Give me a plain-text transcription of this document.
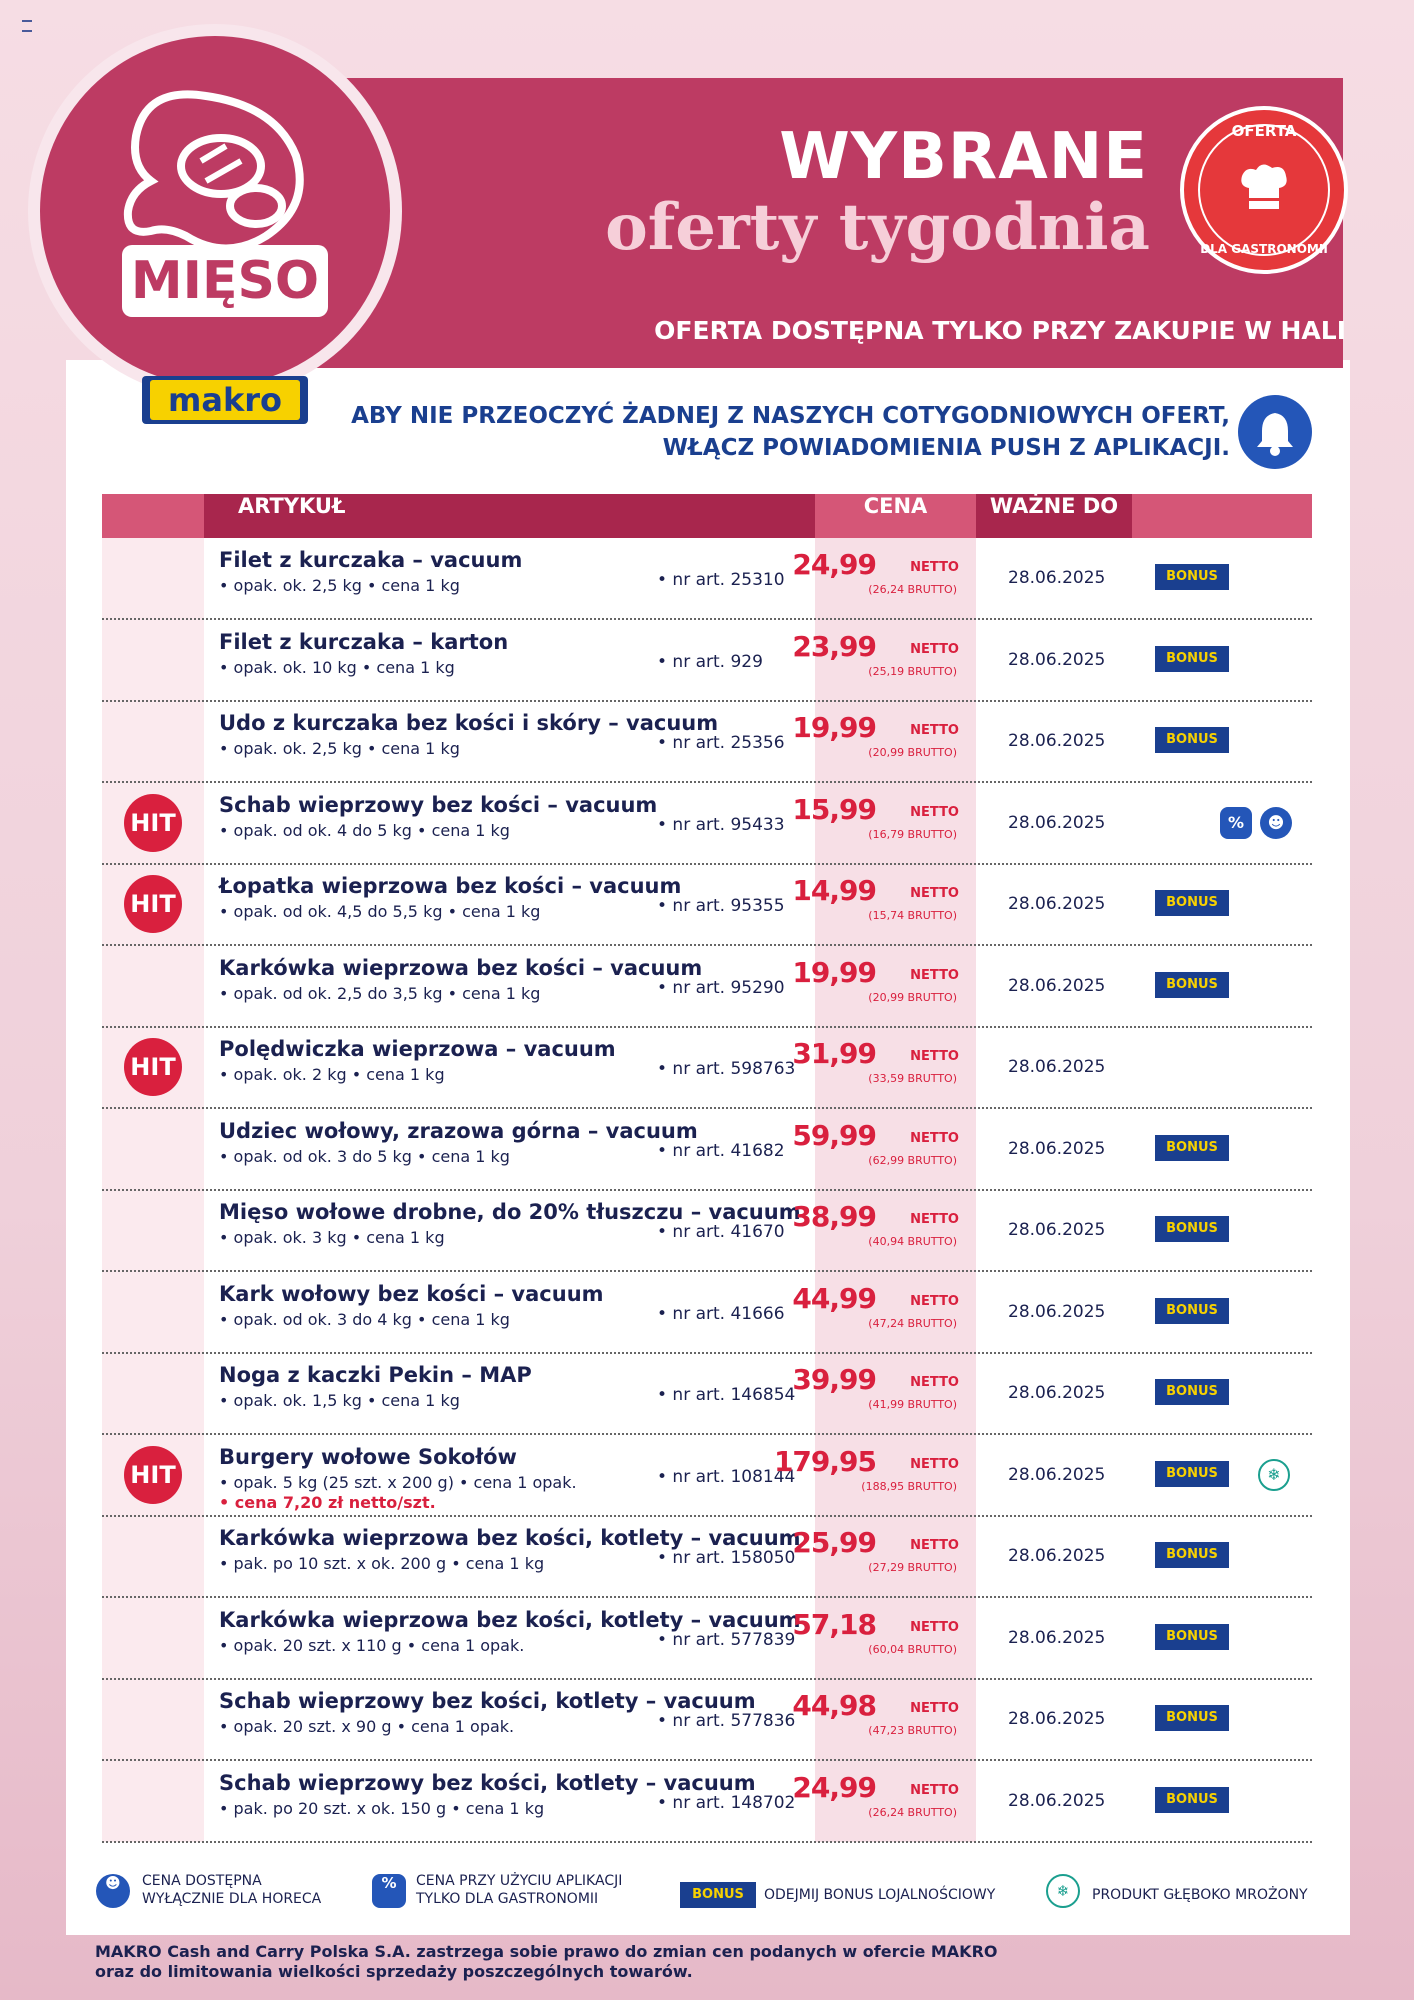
MIĘSO
makro
WYBRANE
oferty tygodnia
OFERTA DOSTĘPNA TYLKO PRZY ZAKUPIE W HALI
OFERTA
DLA GASTRONOMII
ABY NIE PRZEOCZYĆ ŻADNEJ Z NASZYCH COTYGODNIOWYCH OFERT,
WŁĄCZ POWIADOMIENIA PUSH Z APLIKACJI.
ARTYKUŁ	CENA	WAŻNE DO
Filet z kurczaka – vacuum
• opak. ok. 2,5 kg • cena 1 kg	• nr art. 25310 24,99	NETTO
(26,24 BRUTTO)
28.06.2025	BONUS
Filet z kurczaka – karton
• opak. ok. 10 kg • cena 1 kg	• nr art. 929 23,99	NETTO
(25,19 BRUTTO)
28.06.2025	BONUS
Udo z kurczaka bez kości i skóry – vacuum
• opak. ok. 2,5 kg • cena 1 kg	• nr art. 25356 19,99	NETTO
(20,99 BRUTTO)
28.06.2025	BONUS
HIT
Schab wieprzowy bez kości – vacuum
• opak. od ok. 4 do 5 kg • cena 1 kg	• nr art. 95433 15,99	NETTO
(16,79 BRUTTO)
28.06.2025	%	☻
HIT
Łopatka wieprzowa bez kości – vacuum
• opak. od ok. 4,5 do 5,5 kg • cena 1 kg	• nr art. 95355 14,99	NETTO
(15,74 BRUTTO)
28.06.2025	BONUS
Karkówka wieprzowa bez kości – vacuum
• opak. od ok. 2,5 do 3,5 kg • cena 1 kg	• nr art. 95290 19,99	NETTO
(20,99 BRUTTO)
28.06.2025	BONUS
HIT
Polędwiczka wieprzowa – vacuum
• opak. ok. 2 kg • cena 1 kg	• nr art. 598763
31,99	NETTO
(33,59 BRUTTO)
28.06.2025
Udziec wołowy, zrazowa górna – vacuum
• opak. od ok. 3 do 5 kg • cena 1 kg	• nr art. 41682 59,99	NETTO
(62,99 BRUTTO)
28.06.2025	BONUS
Mięso wołowe drobne, do 20% tłuszczu – vacuum
• opak. ok. 3 kg • cena 1 kg	• nr art. 41670 38,99	NETTO
(40,94 BRUTTO)
28.06.2025	BONUS
Kark wołowy bez kości – vacuum
• opak. od ok. 3 do 4 kg • cena 1 kg	• nr art. 41666 44,99	NETTO
(47,24 BRUTTO)
28.06.2025	BONUS
Noga z kaczki Pekin – MAP
• opak. ok. 1,5 kg • cena 1 kg	• nr art. 146854
39,99	NETTO
(41,99 BRUTTO)
28.06.2025	BONUS
HIT
Burgery wołowe Sokołów
• opak. 5 kg (25 szt. x 200 g) • cena 1 opak.
• cena 7,20 zł netto/szt.
• nr art. 108144
179,95	NETTO
(188,95 BRUTTO)
28.06.2025	BONUS	❄
Karkówka wieprzowa bez kości, kotlety – vacuum
• pak. po 10 szt. x ok. 200 g • cena 1 kg	• nr art. 158050
25,99	NETTO
(27,29 BRUTTO)
28.06.2025	BONUS
Karkówka wieprzowa bez kości, kotlety – vacuum
• opak. 20 szt. x 110 g • cena 1 opak.	• nr art. 577839
57,18	NETTO
(60,04 BRUTTO)
28.06.2025	BONUS
Schab wieprzowy bez kości, kotlety – vacuum
• opak. 20 szt. x 90 g • cena 1 opak.	• nr art. 577836
44,98	NETTO
(47,23 BRUTTO)
28.06.2025	BONUS
Schab wieprzowy bez kości, kotlety – vacuum
• pak. po 20 szt. x ok. 150 g • cena 1 kg	• nr art. 148702
24,99	NETTO
(26,24 BRUTTO)
28.06.2025	BONUS
☻	CENA DOSTĘPNA
WYŁĄCZNIE DLA HORECA
%	CENA PRZY UŻYCIU APLIKACJI
TYLKO DLA GASTRONOMII	BONUS	ODEJMIJ BONUS LOJALNOŚCIOWY	❄	PRODUKT GŁĘBOKO MROŻONY
MAKRO Cash and Carry Polska S.A. zastrzega sobie prawo do zmian cen podanych w ofercie MAKRO
oraz do limitowania wielkości sprzedaży poszczególnych towarów.
